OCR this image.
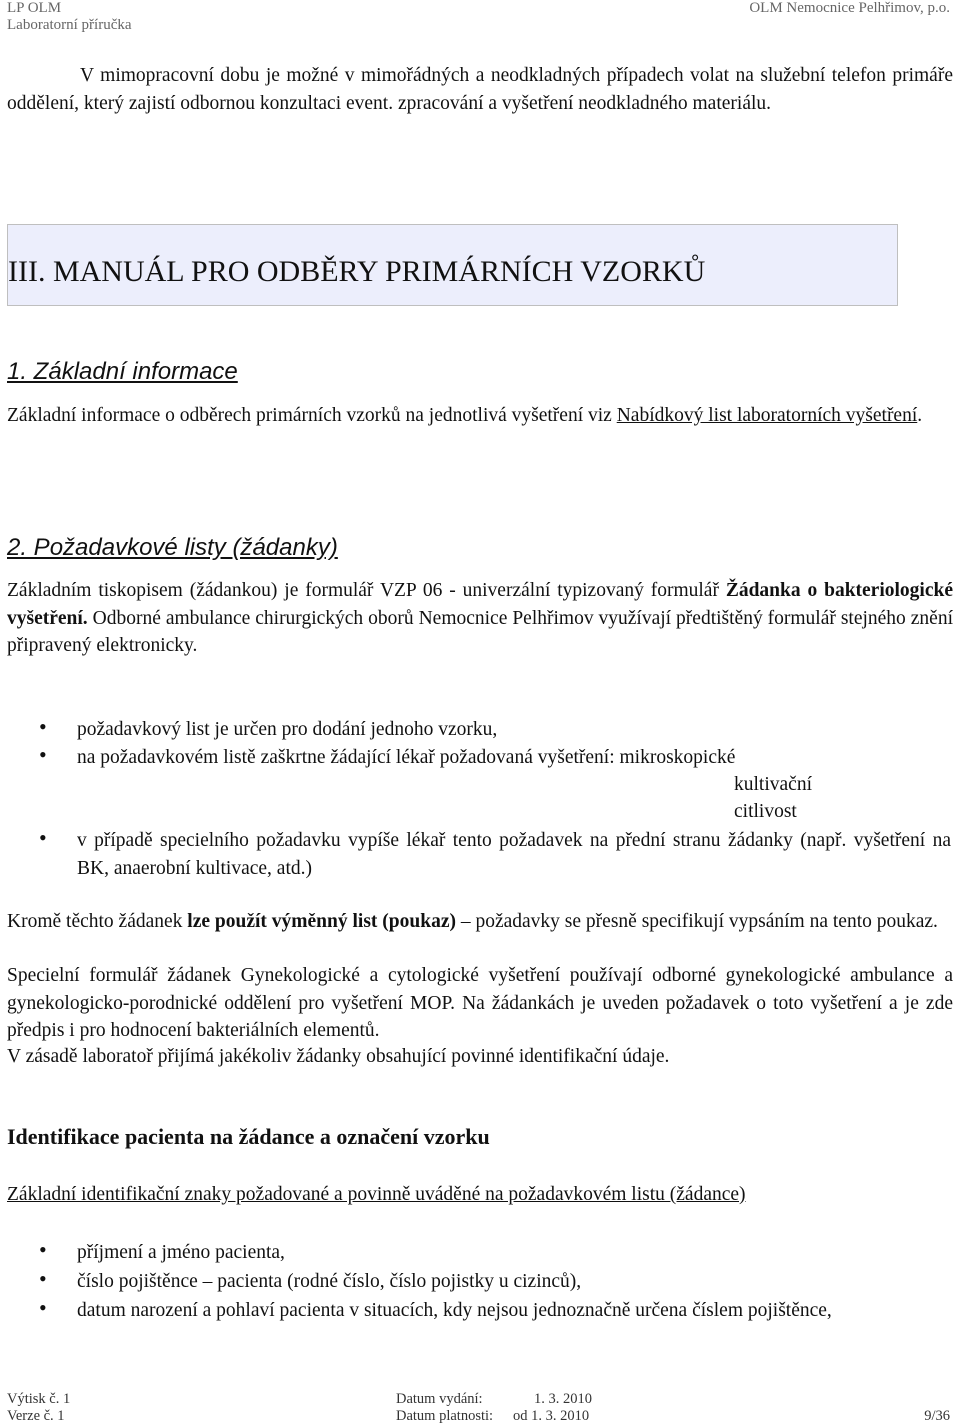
LP OLM
Laboratorní příručka
OLM Nemocnice Pelhřimov, p.o.
V mimopracovní dobu je možné v mimořádných a neodkladných případech volat na služební telefon primáře oddělení, který zajistí odbornou konzultaci event. zpracování a vyšetření neodkladného materiálu.
III. MANUÁL PRO ODBĚRY PRIMÁRNÍCH VZORKŮ
1. Základní informace
Základní informace o odběrech primárních vzorků na jednotlivá vyšetření viz Nabídkový list laboratorních vyšetření.
2. Požadavkové listy (žádanky)
Základním tiskopisem (žádankou) je formulář VZP 06 - univerzální typizovaný formulář Žádanka o bakteriologické vyšetření. Odborné ambulance chirurgických oborů Nemocnice Pelhřimov využívají předtištěný formulář stejného znění připravený elektronicky.
• požadavkový list je určen pro dodání jednoho vzorku,
• na požadavkovém listě zaškrtne žádající lékař požadovaná vyšetření: mikroskopické
kultivační
citlivost
• v případě specielního požadavku vypíše lékař tento požadavek na přední stranu žádanky (např. vyšetření na BK, anaerobní kultivace, atd.)
Kromě těchto žádanek lze použít výměnný list (poukaz) – požadavky se přesně specifikují vypsáním na tento poukaz.
Specielní formulář žádanek Gynekologické a cytologické vyšetření používají odborné gynekologické ambulance a gynekologicko-porodnické oddělení pro vyšetření MOP. Na žádankách je uveden požadavek o toto vyšetření a je zde předpis i pro hodnocení bakteriálních elementů.
V zásadě laboratoř přijímá jakékoliv žádanky obsahující povinné identifikační údaje.
Identifikace pacienta na žádance a označení vzorku
Základní identifikační znaky požadované a povinně uváděné na požadavkovém listu (žádance)
• příjmení a jméno pacienta,
• číslo pojištěnce – pacienta (rodné číslo, číslo pojistky u cizinců),
• datum narození a pohlaví pacienta v situacích, kdy nejsou jednoznačně určena číslem pojištěnce,
Výtisk č. 1
Verze č. 1
Datum vydání:	1. 3. 2010
Datum platnosti: od 1. 3. 2010	9/36
